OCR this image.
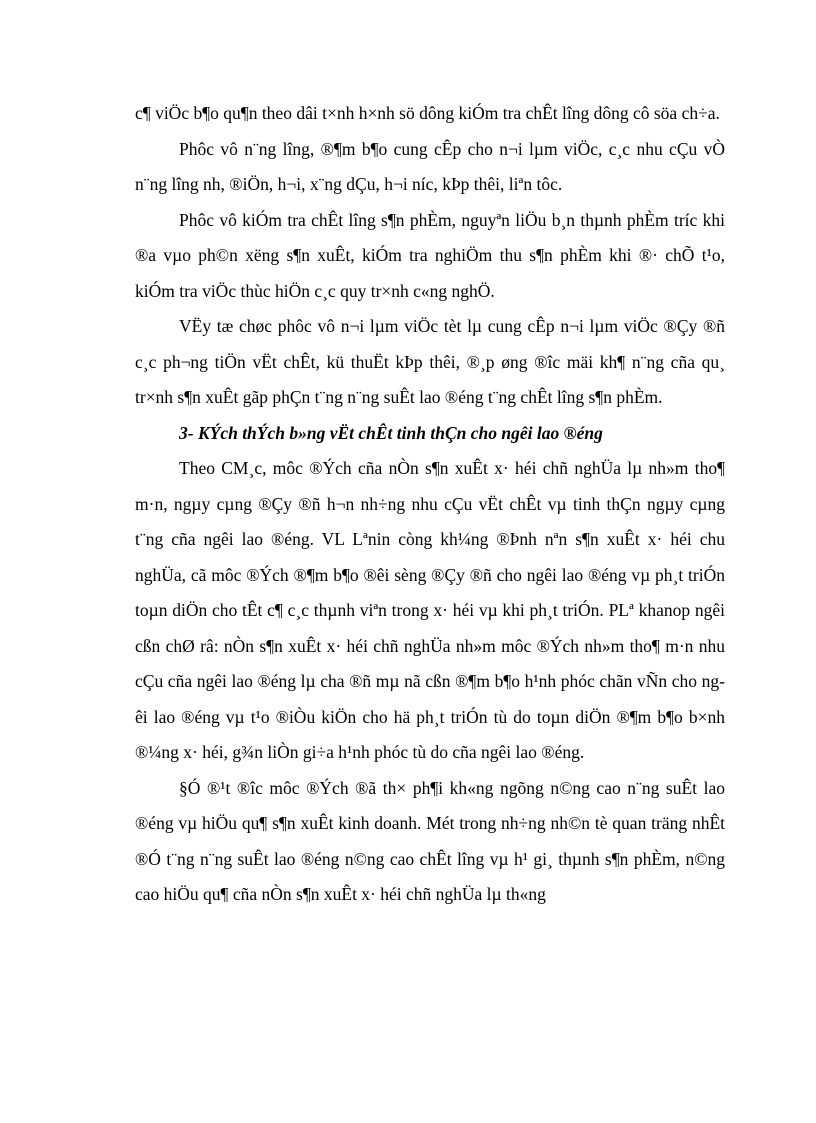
c¶ viÖc b¶o qu¶n theo dâi t×nh h×nh sö dông kiÓm tra chÊt lîng dông cô söa ch÷a.

Phôc vô n¨ng lîng, ®¶m b¶o cung cÊp cho n¬i lµm viÖc, c¸c nhu cÇu vÒ n¨ng lîng nh, ®iÖn, h¬i, x¨ng dÇu, h¬i níc, kÞp thêi, liªn tôc.

Phôc vô kiÓm tra chÊt lîng s¶n phÈm, nguyªn liÖu b¸n thµnh phÈm tríc khi ®a vµo ph©n xëng s¶n xuÊt, kiÓm tra nghiÖm thu s¶n phÈm khi ®· chÕ t¹o, kiÓm tra viÖc thùc hiÖn c¸c quy tr×nh c«ng nghÖ.

VËy tæ chøc phôc vô n¬i lµm viÖc tèt lµ cung cÊp n¬i lµm viÖc ®Çy ®ñ c¸c ph¬ng tiÖn vËt chÊt, kü thuËt kÞp thêi, ®¸p øng ®îc mäi kh¶ n¨ng cña qu¸ tr×nh s¶n xuÊt gãp phÇn t¨ng n¨ng suÊt lao ®éng t¨ng chÊt lîng s¶n phÈm.

3- KÝch thÝch b»ng vËt chÊt tinh thÇn cho ngêi lao ®éng

Theo CM¸c, môc ®Ých cña nÒn s¶n xuÊt x· héi chñ nghÜa lµ nh»m tho¶ m·n, ngµy cµng ®Çy ®ñ h¬n nh÷ng nhu cÇu vËt chÊt vµ tinh thÇn ngµy cµng t¨ng cña ngêi lao ®éng. VL Lªnin còng kh¼ng ®Þnh nªn s¶n xuÊt x· héi chu nghÜa, cã môc ®Ých ®¶m b¶o ®êi sèng ®Çy ®ñ cho ngêi lao ®éng vµ ph¸t triÓn toµn diÖn cho tÊt c¶ c¸c thµnh viªn trong x· héi vµ khi ph¸t triÓn. PLª khanop ngêi cßn chØ râ: nÒn s¶n xuÊt x· héi chñ nghÜa nh»m môc ®Ých nh»m tho¶ m·n nhu cÇu cña ngêi lao ®éng lµ cha ®ñ mµ nã cßn ®¶m b¶o h¹nh phóc chãn vÑn cho ngêi lao ®éng vµ t¹o ®iÒu kiÖn cho hä ph¸t triÓn tù do toµn diÖn ®¶m b¶o b×nh ®¼ng x· héi, g¾n liÒn gi÷a h¹nh phóc tù do cña ngêi lao ®éng.

§Ó ®¹t ®îc môc ®Ých ®ã th× ph¶i kh«ng ngõng n©ng cao n¨ng suÊt lao ®éng vµ hiÖu qu¶ s¶n xuÊt kinh doanh. Mét trong nh÷ng nh©n tè quan träng nhÊt ®Ó t¨ng n¨ng suÊt lao ®éng n©ng cao chÊt lîng vµ h¹ gi¸ thµnh s¶n phÈm, n©ng cao hiÖu qu¶ cña nÒn s¶n xuÊt x· héi chñ nghÜa lµ th«ng
